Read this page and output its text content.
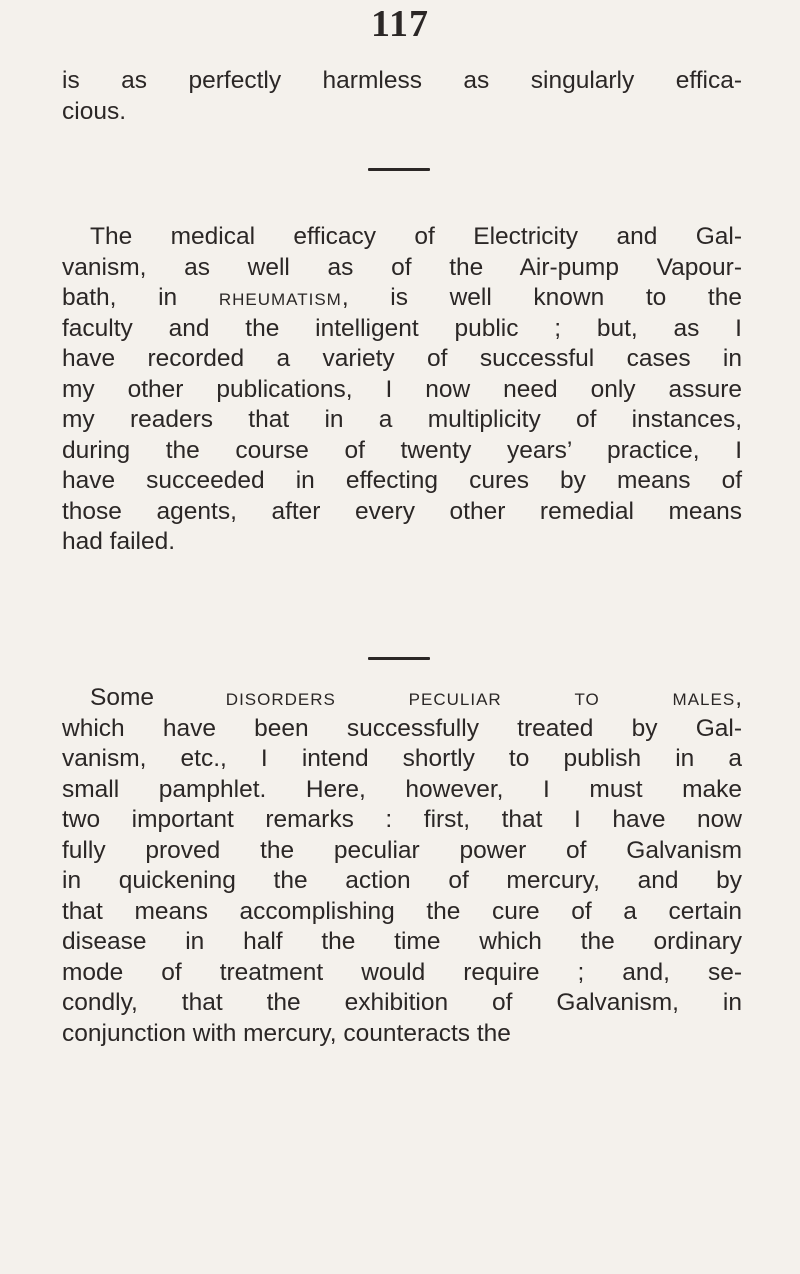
117
is as perfectly harmless as singularly effica-
cious.
The medical efficacy of Electricity and Gal-
vanism, as well as of the Air-pump Vapour-
bath, in rheumatism, is well known to the
faculty and the intelligent public ; but, as I
have recorded a variety of successful cases in
my other publications, I now need only assure
my readers that in a multiplicity of instances,
during the course of twenty years’ practice, I
have succeeded in effecting cures by means of
those agents, after every other remedial means
had failed.
Some disorders peculiar to males,
which have been successfully treated by Gal-
vanism, etc., I intend shortly to publish in a
small pamphlet. Here, however, I must make
two important remarks : first, that I have now
fully proved the peculiar power of Galvanism
in quickening the action of mercury, and by
that means accomplishing the cure of a certain
disease in half the time which the ordinary
mode of treatment would require ; and, se-
condly, that the exhibition of Galvanism, in
conjunction with mercury, counteracts the
